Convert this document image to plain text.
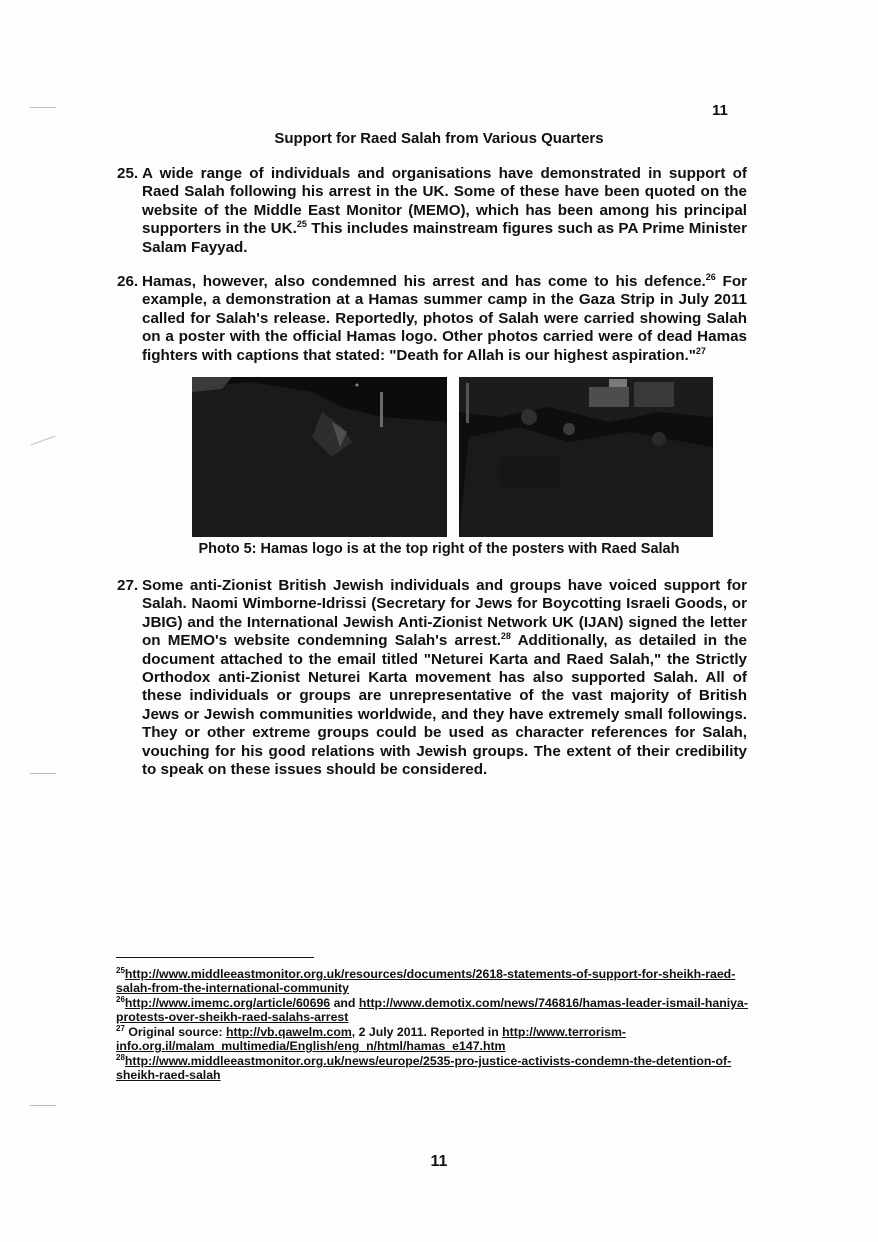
11
Support for Raed Salah from Various Quarters
25. A wide range of individuals and organisations have demonstrated in support of Raed Salah following his arrest in the UK. Some of these have been quoted on the website of the Middle East Monitor (MEMO), which has been among his principal supporters in the UK.$^{25}$ This includes mainstream figures such as PA Prime Minister Salam Fayyad.
26. Hamas, however, also condemned his arrest and has come to his defence.$^{26}$ For example, a demonstration at a Hamas summer camp in the Gaza Strip in July 2011 called for Salah's release. Reportedly, photos of Salah were carried showing Salah on a poster with the official Hamas logo. Other photos carried were of dead Hamas fighters with captions that stated: "Death for Allah is our highest aspiration."$^{27}$
Photo 5: Hamas logo is at the top right of the posters with Raed Salah
27. Some anti-Zionist British Jewish individuals and groups have voiced support for Salah. Naomi Wimborne-Idrissi (Secretary for Jews for Boycotting Israeli Goods, or JBIG) and the International Jewish Anti-Zionist Network UK (IJAN) signed the letter on MEMO's website condemning Salah's arrest.$^{28}$ Additionally, as detailed in the document attached to the email titled "Neturei Karta and Raed Salah," the Strictly Orthodox anti-Zionist Neturei Karta movement has also supported Salah. All of these individuals or groups are unrepresentative of the vast majority of British Jews or Jewish communities worldwide, and they have extremely small followings. They or other extreme groups could be used as character references for Salah, vouching for his good relations with Jewish groups. The extent of their credibility to speak on these issues should be considered.
$^{25}$http://www.middleeastmonitor.org.uk/resources/documents/2618-statements-of-support-for-sheikh-raed-salah-from-the-international-community
$^{26}$http://www.imemc.org/article/60696 and http://www.demotix.com/news/746816/hamas-leader-ismail-haniya-protests-over-sheikh-raed-salahs-arrest
$^{27}$ Original source: http://vb.qawelm.com, 2 July 2011. Reported in http://www.terrorism-info.org.il/malam_multimedia/English/eng_n/html/hamas_e147.htm
$^{28}$http://www.middleeastmonitor.org.uk/news/europe/2535-pro-justice-activists-condemn-the-detention-of-sheikh-raed-salah
11
